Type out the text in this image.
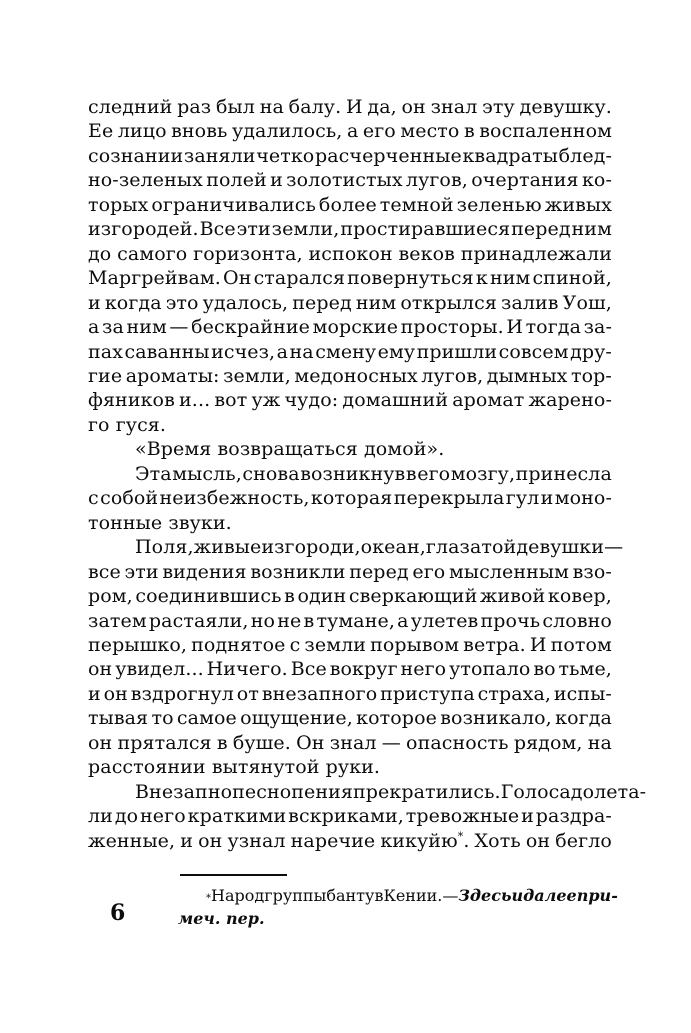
следний раз был на балу. И да, он знал эту девушку.
Ее лицо вновь удалилось, а его место в воспаленном
сознании заняли четко расчерченные квадраты блед-
но-зеленых полей и золотистых лугов, очертания ко-
торых ограничивались более темной зеленью живых
изгородей. Все эти земли, простиравшиеся перед ним
до самого горизонта, испокон веков принадлежали
Маргрейвам. Он старался повернуться к ним спиной,
и когда это удалось, перед ним открылся залив Уош,
а за ним — бескрайние морские просторы. И тогда за-
пах саванны исчез, а на смену ему пришли совсем дру-
гие ароматы: земли, медоносных лугов, дымных тор-
фяников и... вот уж чудо: домашний аромат жарено-
го гуся.
«Время возвращаться домой».
Эта мысль, снова возникнув в его мозгу, принесла
с собой неизбежность, которая перекрыла гул и моно-
тонные звуки.
Поля, живые изгороди, океан, глаза той девушки —
все эти видения возникли перед его мысленным взо-
ром, соединившись в один сверкающий живой ковер,
затем растаяли, но не в тумане, а улетев прочь словно
перышко, поднятое с земли порывом ветра. И потом
он увидел... Ничего. Все вокруг него утопало во тьме,
и он вздрогнул от внезапного приступа страха, испы-
тывая то самое ощущение, которое возникало, когда
он прятался в буше. Он знал — опасность рядом, на
расстоянии вытянутой руки.
Внезапно песнопения прекратились. Голоса долета-
ли до него краткими вскриками, тревожные и раздра-
женные, и он узнал наречие кикуйю*. Хоть он бегло
* Народ группы банту в Кении. — Здесь и далее при-
меч. пер.
6
